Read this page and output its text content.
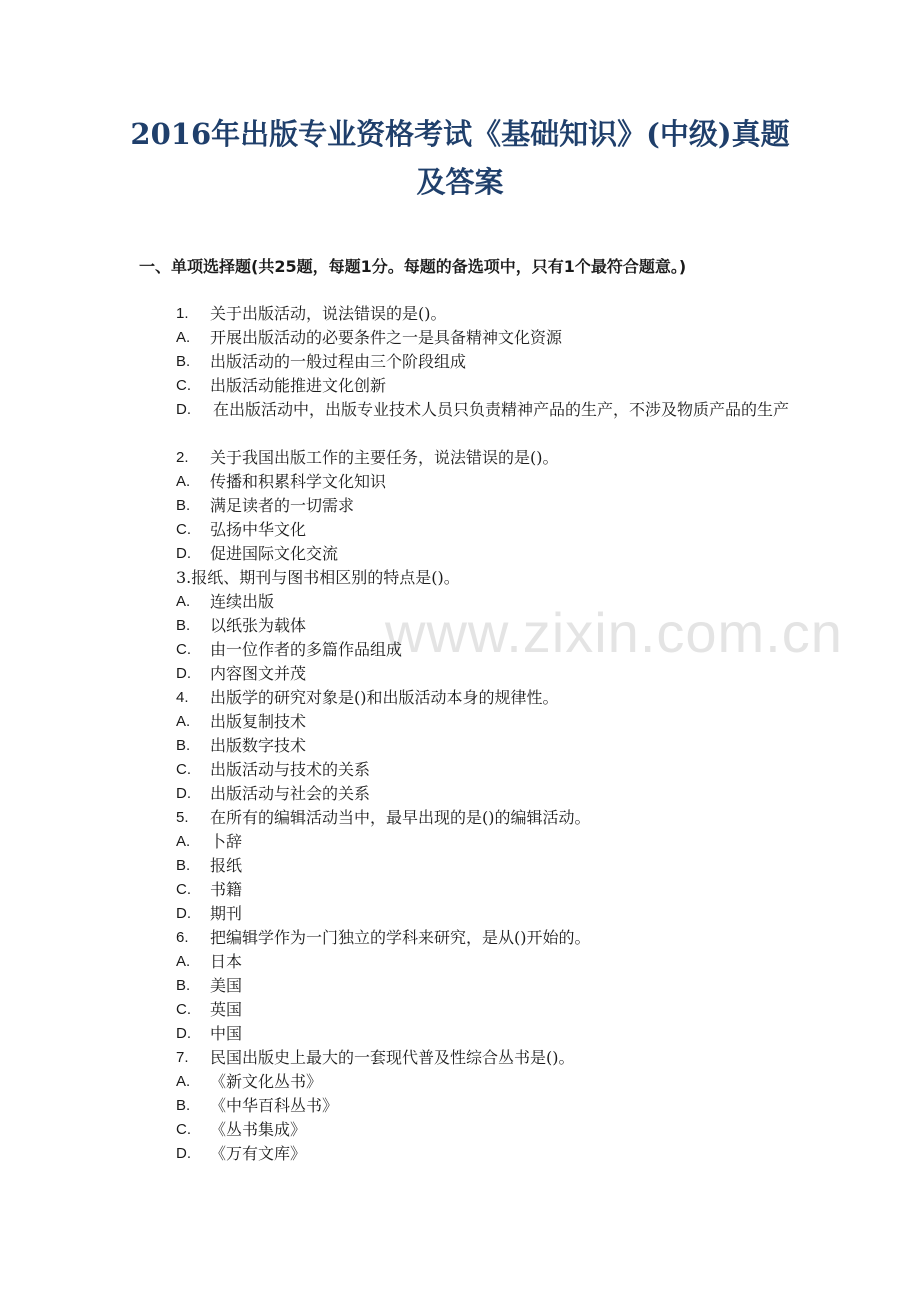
www.zixin.com.cn
2016年出版专业资格考试《基础知识》(中级)真题及答案
一、单项选择题(共25题，每题1分。每题的备选项中，只有1个最符合题意。)
1. 关于出版活动，说法错误的是()。
A. 开展出版活动的必要条件之一是具备精神文化资源
B. 出版活动的一般过程由三个阶段组成
C. 出版活动能推进文化创新
D.	在出版活动中，出版专业技术人员只负责精神产品的生产，不涉及物质产品的生产
2. 关于我国出版工作的主要任务，说法错误的是()。
A. 传播和积累科学文化知识
B. 满足读者的一切需求
C. 弘扬中华文化
D. 促进国际文化交流
3.报纸、期刊与图书相区别的特点是()。
A. 连续出版
B. 以纸张为载体
C. 由一位作者的多篇作品组成
D. 内容图文并茂
4. 出版学的研究对象是()和出版活动本身的规律性。
A. 出版复制技术
B. 出版数字技术
C. 出版活动与技术的关系
D. 出版活动与社会的关系
5. 在所有的编辑活动当中，最早出现的是()的编辑活动。
A. 卜辞
B. 报纸
C. 书籍
D. 期刊
6. 把编辑学作为一门独立的学科来研究，是从()开始的。
A. 日本
B. 美国
C. 英国
D. 中国
7. 民国出版史上最大的一套现代普及性综合丛书是()。
A. 《新文化丛书》
B. 《中华百科丛书》
C. 《丛书集成》
D. 《万有文库》
